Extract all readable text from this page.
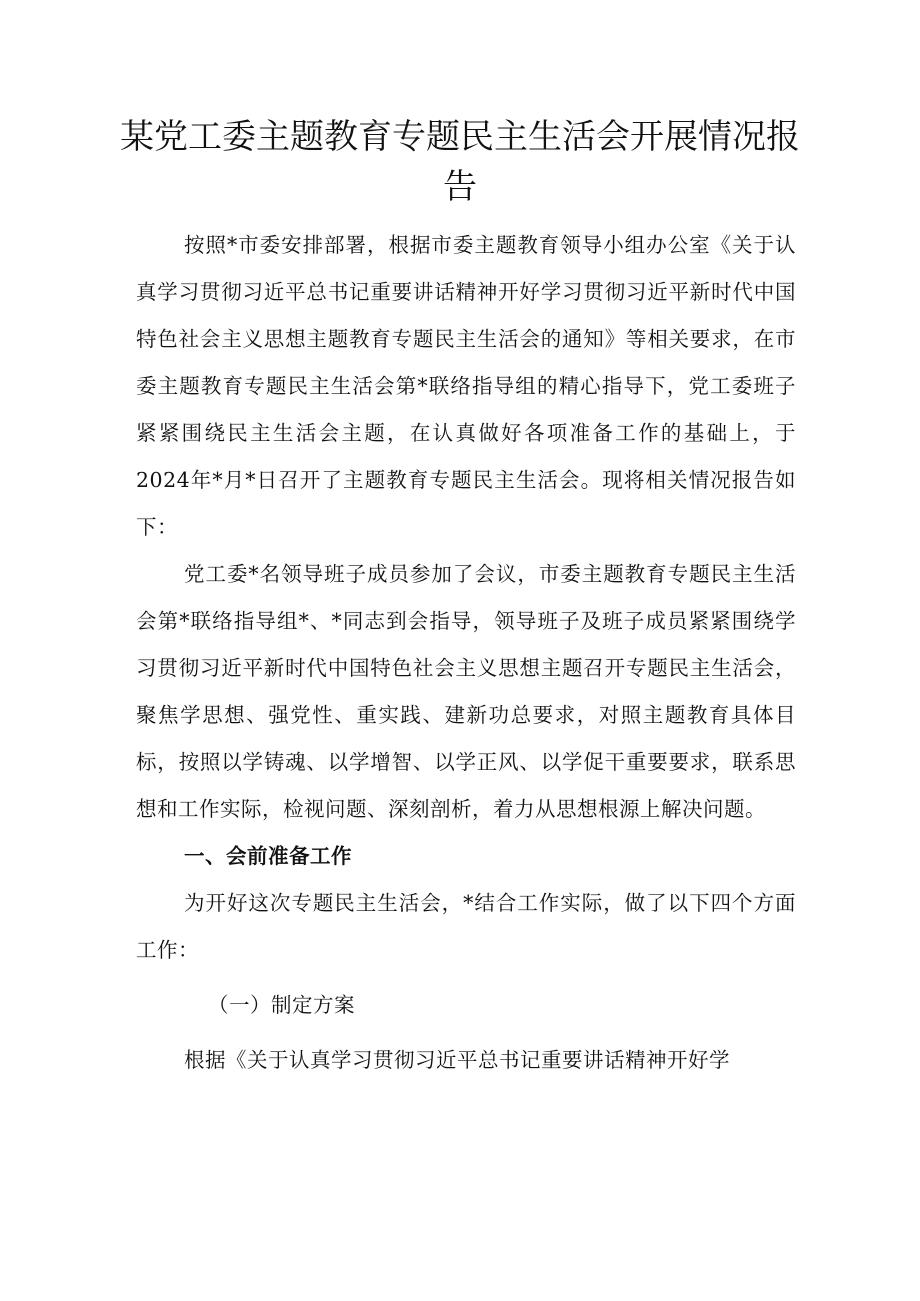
某党工委主题教育专题民主生活会开展情况报告

按照*市委安排部署，根据市委主题教育领导小组办公室《关于认真学习贯彻习近平总书记重要讲话精神开好学习贯彻习近平新时代中国特色社会主义思想主题教育专题民主生活会的通知》等相关要求，在市委主题教育专题民主生活会第*联络指导组的精心指导下，党工委班子紧紧围绕民主生活会主题，在认真做好各项准备工作的基础上，于2024年*月*日召开了主题教育专题民主生活会。现将相关情况报告如下：

党工委*名领导班子成员参加了会议，市委主题教育专题民主生活会第*联络指导组*、*同志到会指导，领导班子及班子成员紧紧围绕学习贯彻习近平新时代中国特色社会主义思想主题召开专题民主生活会，聚焦学思想、强党性、重实践、建新功总要求，对照主题教育具体目标，按照以学铸魂、以学增智、以学正风、以学促干重要要求，联系思想和工作实际，检视问题、深刻剖析，着力从思想根源上解决问题。

一、会前准备工作

为开好这次专题民主生活会，*结合工作实际，做了以下四个方面工作：

（一）制定方案

根据《关于认真学习贯彻习近平总书记重要讲话精神开好学
